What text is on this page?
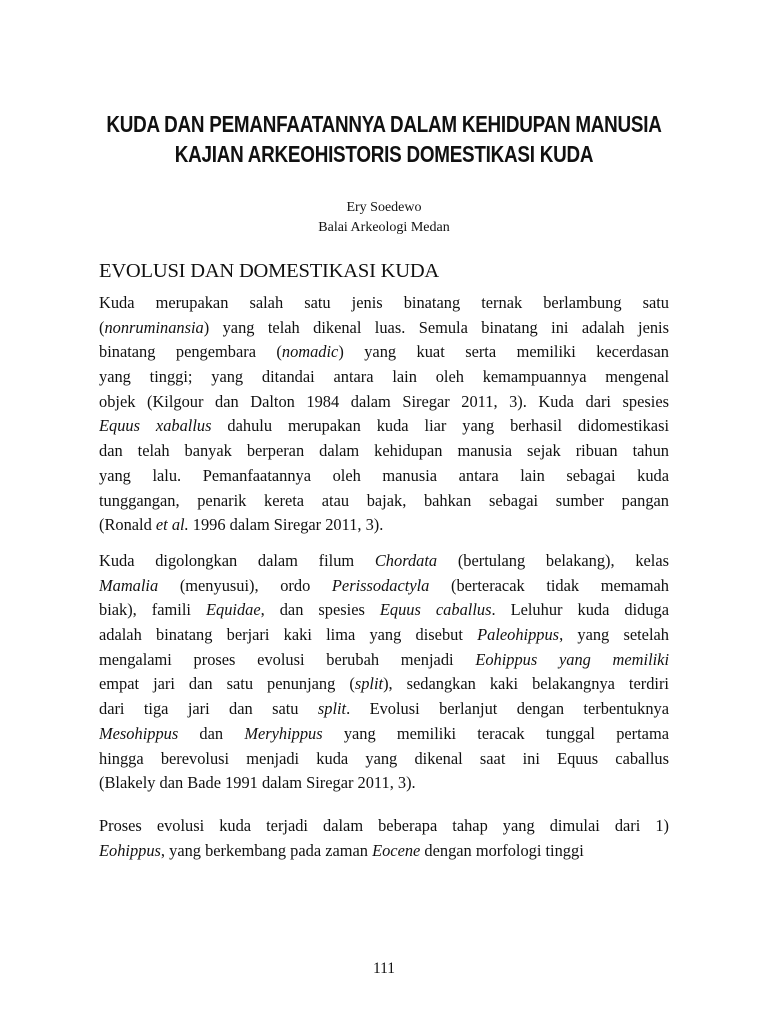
KUDA DAN PEMANFAATANNYA DALAM KEHIDUPAN MANUSIA
KAJIAN ARKEOHISTORIS DOMESTIKASI KUDA
Ery Soedewo
Balai Arkeologi Medan
EVOLUSI DAN DOMESTIKASI KUDA
Kuda merupakan salah satu jenis binatang ternak berlambung satu
(nonruminansia) yang telah dikenal luas. Semula binatang ini adalah jenis
binatang pengembara (nomadic) yang kuat serta memiliki kecerdasan
yang tinggi; yang ditandai antara lain oleh kemampuannya mengenal
objek (Kilgour dan Dalton 1984 dalam Siregar 2011, 3). Kuda dari spesies
Equus xaballus dahulu merupakan kuda liar yang berhasil didomestikasi
dan telah banyak berperan dalam kehidupan manusia sejak ribuan tahun
yang lalu. Pemanfaatannya oleh manusia antara lain sebagai kuda
tunggangan, penarik kereta atau bajak, bahkan sebagai sumber pangan
(Ronald et al. 1996 dalam Siregar 2011, 3).
Kuda digolongkan dalam filum Chordata (bertulang belakang), kelas
Mamalia (menyusui), ordo Perissodactyla (berteracak tidak memamah
biak), famili Equidae, dan spesies Equus caballus. Leluhur kuda diduga
adalah binatang berjari kaki lima yang disebut Paleohippus, yang setelah
mengalami proses evolusi berubah menjadi Eohippus yang memiliki
empat jari dan satu penunjang (split), sedangkan kaki belakangnya terdiri
dari tiga jari dan satu split. Evolusi berlanjut dengan terbentuknya
Mesohippus dan Meryhippus yang memiliki teracak tunggal pertama
hingga berevolusi menjadi kuda yang dikenal saat ini Equus caballus
(Blakely dan Bade 1991 dalam Siregar 2011, 3).
Proses evolusi kuda terjadi dalam beberapa tahap yang dimulai dari 1)
Eohippus, yang berkembang pada zaman Eocene dengan morfologi tinggi
111
